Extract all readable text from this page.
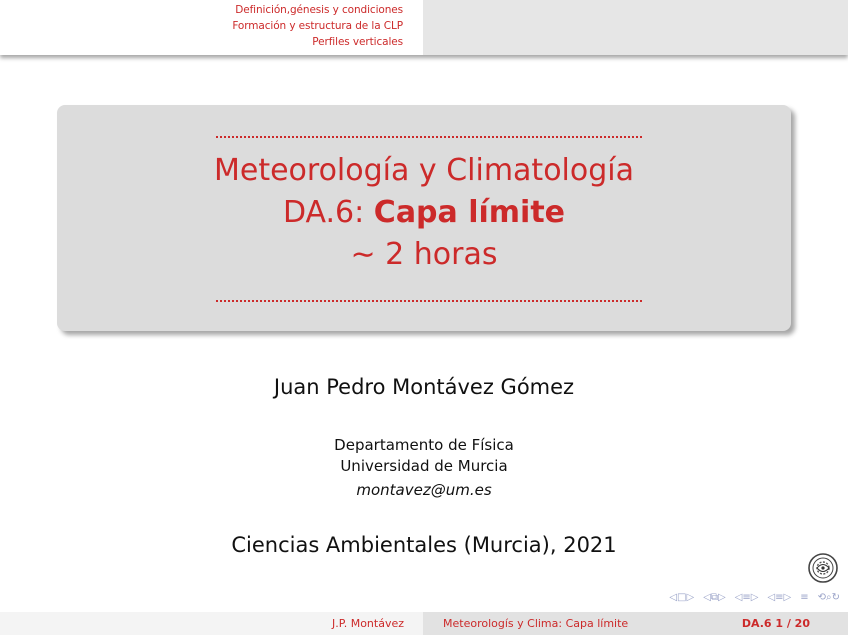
Definición,génesis y condiciones
Formación y estructura de la CLP
Perfiles verticales
Meteorología y Climatología
DA.6: Capa límite
∼ 2 horas
Juan Pedro Montávez Gómez
Departamento de Física
Universidad de Murcia
montavez@um.es
Ciencias Ambientales (Murcia), 2021
◁□▷ ◁⧉▷ ◁≡▷ ◁≡▷ ≡ ⟲⌕↻
J.P. Montávez	Meteorologís y Clima: Capa límite	DA.6 1 / 20
